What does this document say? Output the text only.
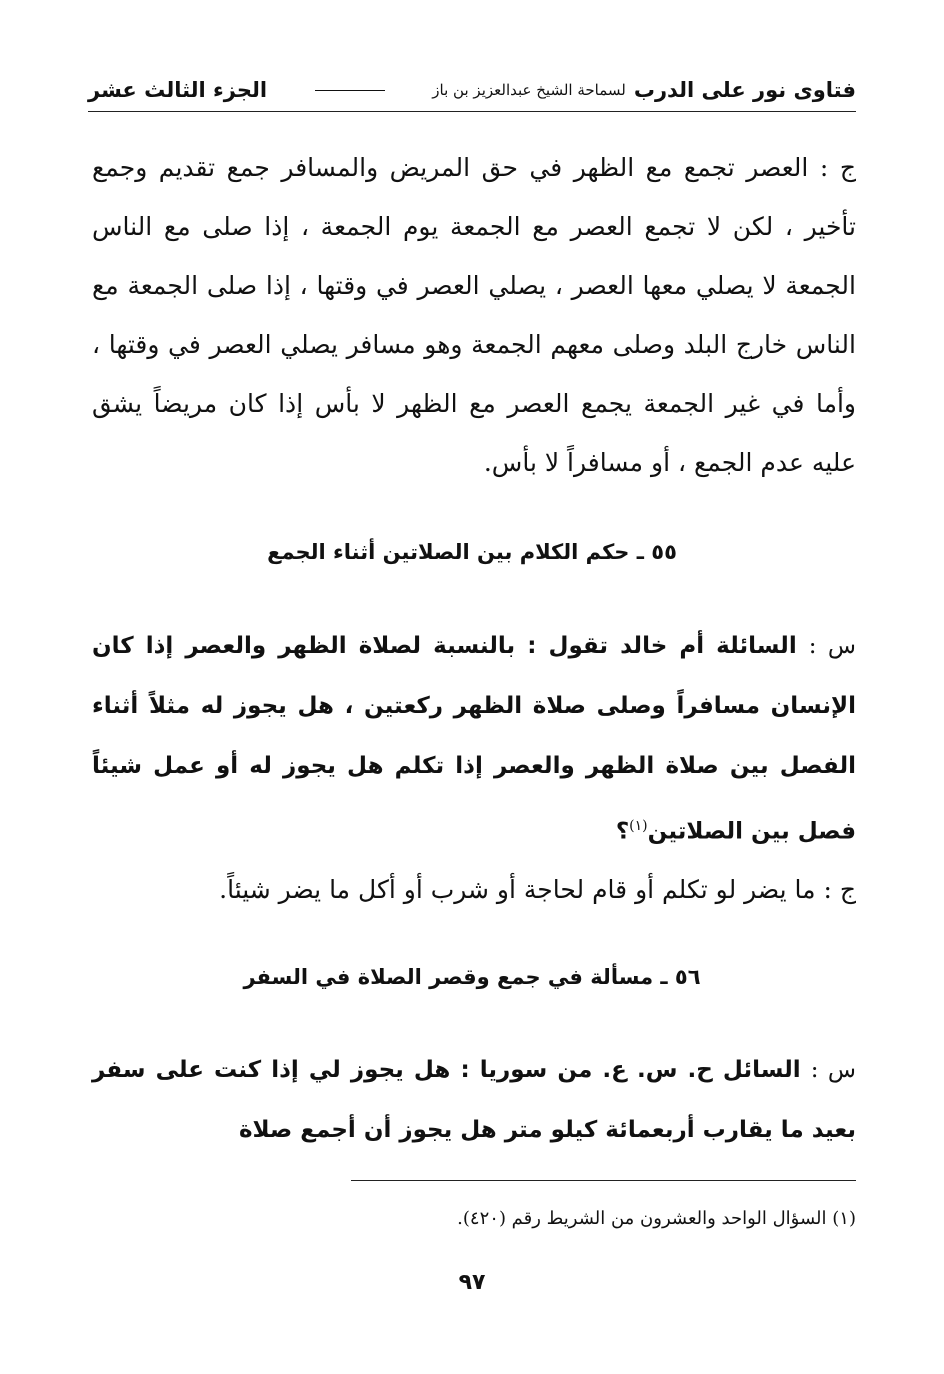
فتاوى نور على الدرب
لسماحة الشيخ عبدالعزيز بن باز
الجزء الثالث عشر
ج : العصر تجمع مع الظهر في حق المريض والمسافر جمع تقديم وجمع تأخير ، لكن لا تجمع العصر مع الجمعة يوم الجمعة ، إذا صلى مع الناس الجمعة لا يصلي معها العصر ، يصلي العصر في وقتها ، إذا صلى الجمعة مع الناس خارج البلد وصلى معهم الجمعة وهو مسافر يصلي العصر في وقتها ، وأما في غير الجمعة يجمع العصر مع الظهر لا بأس إذا كان مريضاً يشق عليه عدم الجمع ، أو مسافراً لا بأس.
٥٥ ـ حكم الكلام بين الصلاتين أثناء الجمع
س : السائلة أم خالد تقول : بالنسبة لصلاة الظهر والعصر إذا كان الإنسان مسافراً وصلى صلاة الظهر ركعتين ، هل يجوز له مثلاً أثناء الفصل بين صلاة الظهر والعصر إذا تكلم هل يجوز له أو عمل شيئاً فصل بين الصلاتين$^{(١)}$؟
ج : ما يضر لو تكلم أو قام لحاجة أو شرب أو أكل ما يضر شيئاً.
٥٦ ـ مسألة في جمع وقصر الصلاة في السفر
س : السائل ح. س. ع. من سوريا : هل يجوز لي إذا كنت على سفر بعيد ما يقارب أربعمائة كيلو متر هل يجوز أن أجمع صلاة
(١) السؤال الواحد والعشرون من الشريط رقم (٤٢٠).
٩٧
